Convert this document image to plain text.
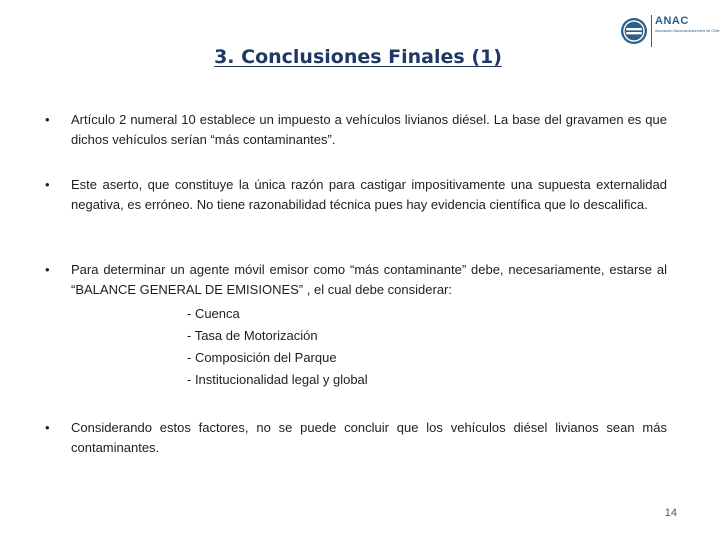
ANAC
Asociación Nacional Automotriz de Chile
3. Conclusiones Finales (1)
• Artículo 2 numeral 10 establece un impuesto a vehículos livianos diésel. La base del gravamen es que dichos vehículos serían “más contaminantes”.
• Este aserto, que constituye la única razón para castigar impositivamente una supuesta externalidad negativa, es erróneo. No tiene razonabilidad técnica pues hay evidencia científica que lo descalifica.
• Para determinar un agente móvil emisor como “más contaminante” debe, necesariamente, estarse al “BALANCE GENERAL DE EMISIONES” , el cual debe considerar:
- Cuenca
- Tasa de Motorización
- Composición del Parque
- Institucionalidad legal y global
• Considerando estos factores, no se puede concluir que los vehículos diésel livianos sean más contaminantes.
14
